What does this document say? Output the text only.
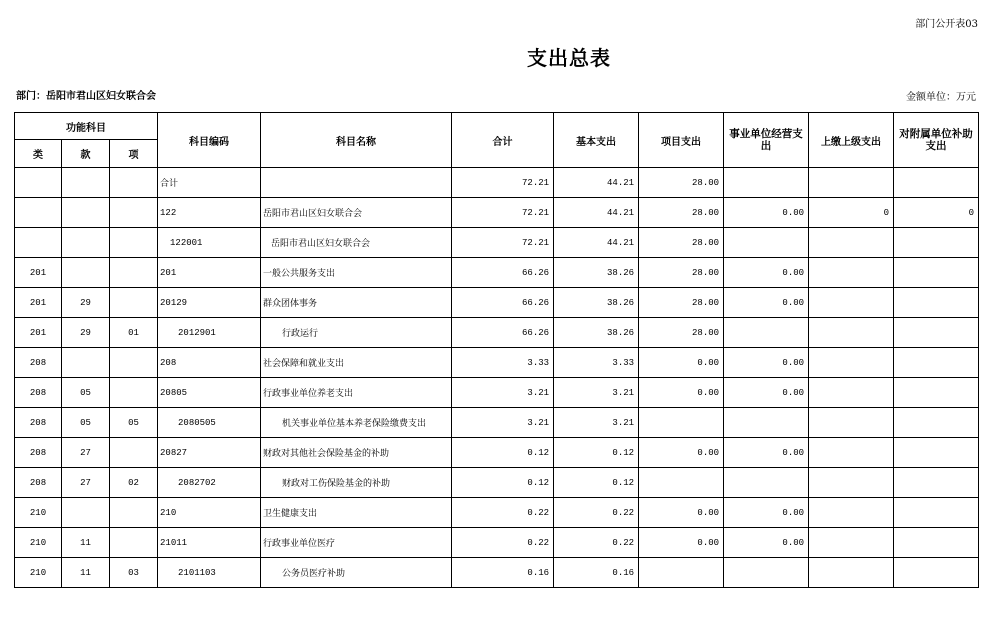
部门公开表03
支出总表
部门：岳阳市君山区妇女联合会	金额单位：万元
功能科目			科目编码	科目名称	合计	基本支出	项目支出	事业单位经营支出	上缴上级支出	对附属单位补助支出
类	款	项								
			合计		72.21	44.21	28.00			
			122	岳阳市君山区妇女联合会	72.21	44.21	28.00	0.00	0	0
			122001	岳阳市君山区妇女联合会	72.21	44.21	28.00			
201			201	一般公共服务支出	66.26	38.26	28.00	0.00		
201	29		20129	群众团体事务	66.26	38.26	28.00	0.00		
201	29	01	2012901	行政运行	66.26	38.26	28.00			
208			208	社会保障和就业支出	3.33	3.33	0.00	0.00		
208	05		20805	行政事业单位养老支出	3.21	3.21	0.00	0.00		
208	05	05	2080505	机关事业单位基本养老保险缴费支出	3.21	3.21				
208	27		20827	财政对其他社会保险基金的补助	0.12	0.12	0.00	0.00		
208	27	02	2082702	财政对工伤保险基金的补助	0.12	0.12				
210			210	卫生健康支出	0.22	0.22	0.00	0.00		
210	11		21011	行政事业单位医疗	0.22	0.22	0.00	0.00		
210	11	03	2101103	公务员医疗补助	0.16	0.16				
